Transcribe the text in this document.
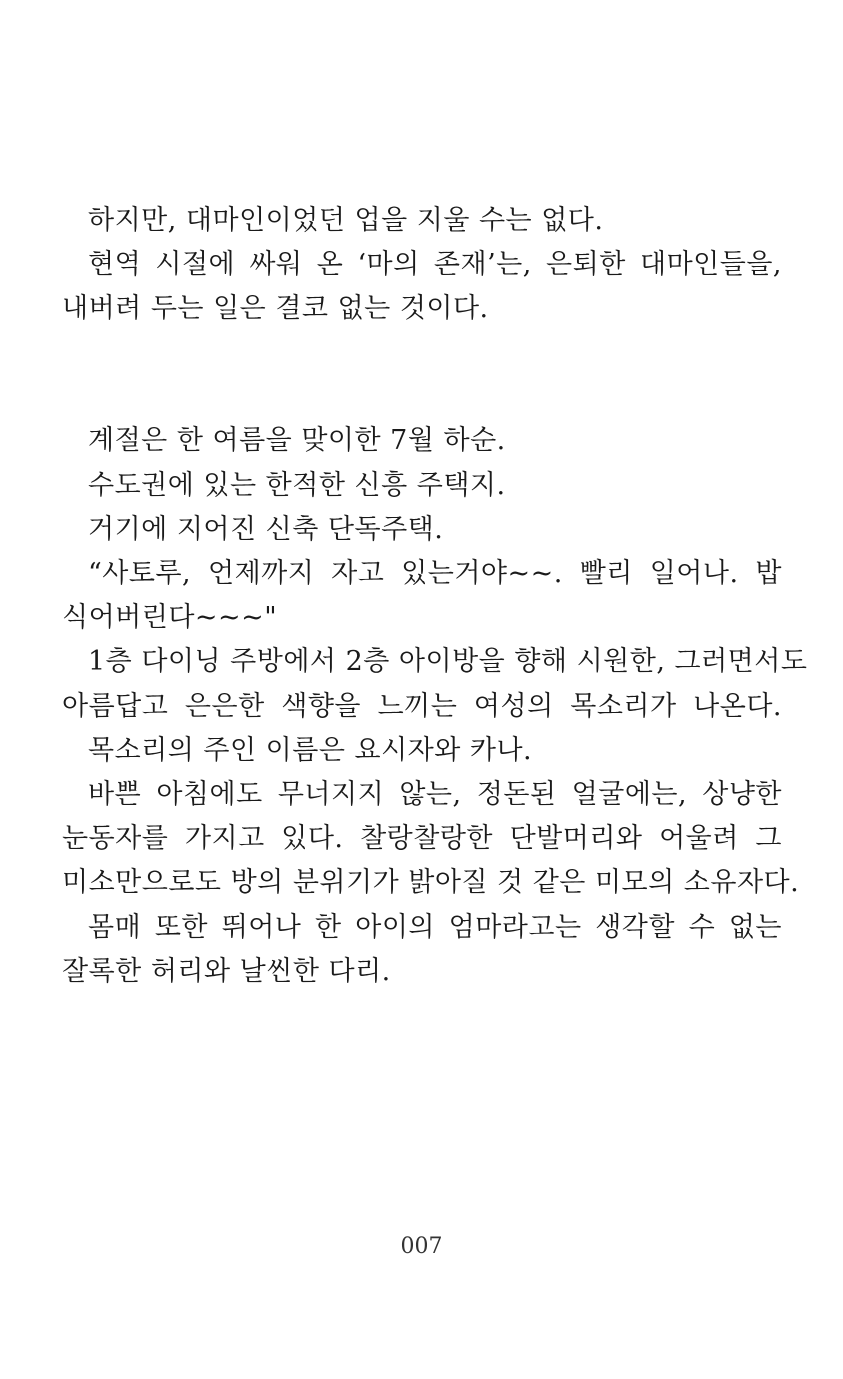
하지만, 대마인이었던 업을 지울 수는 없다.
현역 시절에 싸워 온 ‘마의 존재’는, 은퇴한 대마인들을,
내버려 두는 일은 결코 없는 것이다.
계절은 한 여름을 맞이한 7월 하순.
수도권에 있는 한적한 신흥 주택지.
거기에 지어진 신축 단독주택.
“사토루, 언제까지 자고 있는거야~~. 빨리 일어나. 밥
식어버린다~~~"
1층 다이닝 주방에서 2층 아이방을 향해 시원한, 그러면서도
아름답고 은은한 색향을 느끼는 여성의 목소리가 나온다.
목소리의 주인 이름은 요시자와 카나.
바쁜 아침에도 무너지지 않는, 정돈된 얼굴에는, 상냥한
눈동자를 가지고 있다. 찰랑찰랑한 단발머리와 어울려 그
미소만으로도 방의 분위기가 밝아질 것 같은 미모의 소유자다.
몸매 또한 뛰어나 한 아이의 엄마라고는 생각할 수 없는
잘록한 허리와 날씬한 다리.
007
